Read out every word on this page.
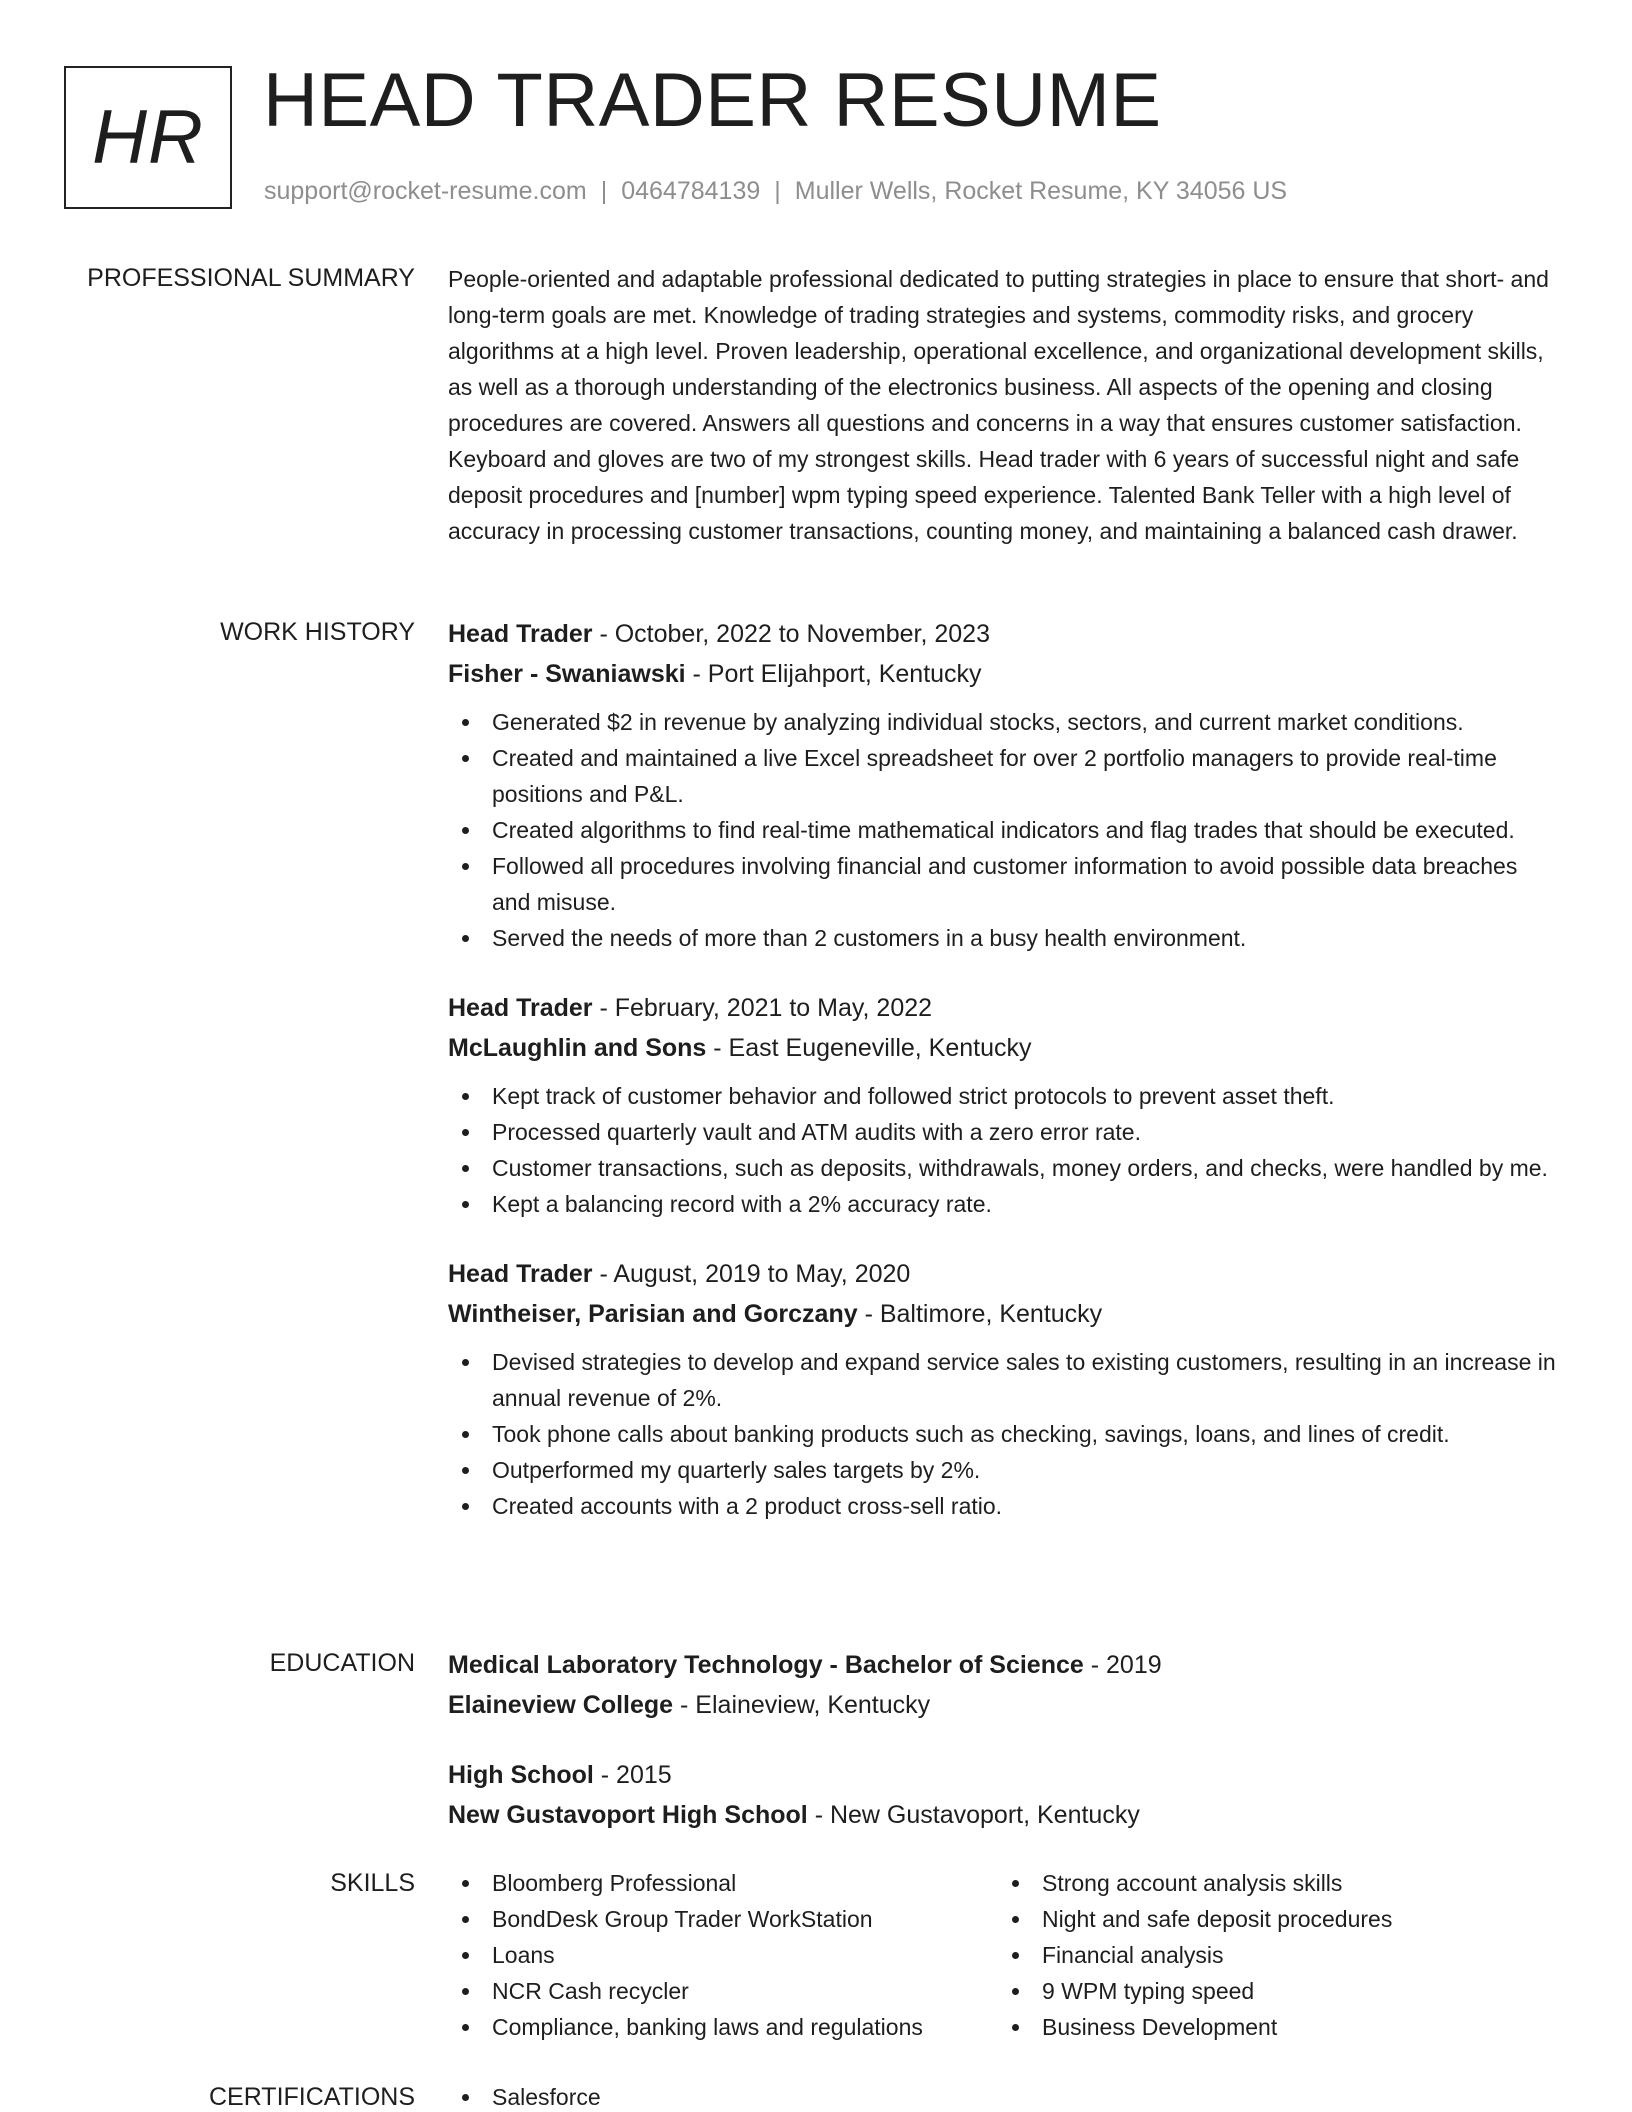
HR HEAD TRADER RESUME
support@rocket-resume.com | 0464784139 | Muller Wells, Rocket Resume, KY 34056 US
PROFESSIONAL SUMMARY People-oriented and adaptable professional dedicated to putting strategies in place to ensure that short- and long-term goals are met. Knowledge of trading strategies and systems, commodity risks, and grocery algorithms at a high level. Proven leadership, operational excellence, and organizational development skills, as well as a thorough understanding of the electronics business. All aspects of the opening and closing procedures are covered. Answers all questions and concerns in a way that ensures customer satisfaction. Keyboard and gloves are two of my strongest skills. Head trader with 6 years of successful night and safe deposit procedures and [number] wpm typing speed experience. Talented Bank Teller with a high level of accuracy in processing customer transactions, counting money, and maintaining a balanced cash drawer.
WORK HISTORY Head Trader - October, 2022 to November, 2023
Fisher - Swaniawski - Port Elijahport, Kentucky
Generated $2 in revenue by analyzing individual stocks, sectors, and current market conditions.
Created and maintained a live Excel spreadsheet for over 2 portfolio managers to provide real-time positions and P&L.
Created algorithms to find real-time mathematical indicators and flag trades that should be executed.
Followed all procedures involving financial and customer information to avoid possible data breaches and misuse.
Served the needs of more than 2 customers in a busy health environment.
Head Trader - February, 2021 to May, 2022
McLaughlin and Sons - East Eugeneville, Kentucky
Kept track of customer behavior and followed strict protocols to prevent asset theft.
Processed quarterly vault and ATM audits with a zero error rate.
Customer transactions, such as deposits, withdrawals, money orders, and checks, were handled by me.
Kept a balancing record with a 2% accuracy rate.
Head Trader - August, 2019 to May, 2020
Wintheiser, Parisian and Gorczany - Baltimore, Kentucky
Devised strategies to develop and expand service sales to existing customers, resulting in an increase in annual revenue of 2%.
Took phone calls about banking products such as checking, savings, loans, and lines of credit.
Outperformed my quarterly sales targets by 2%.
Created accounts with a 2 product cross-sell ratio.
EDUCATION Medical Laboratory Technology - Bachelor of Science - 2019
Elaineview College - Elaineview, Kentucky
High School - 2015
New Gustavoport High School - New Gustavoport, Kentucky
SKILLS	Bloomberg Professional
BondDesk Group Trader WorkStation
Loans
NCR Cash recycler
Compliance, banking laws and regulations
Strong account analysis skills
Night and safe deposit procedures
Financial analysis
9 WPM typing speed
Business Development
CERTIFICATIONS	Salesforce
